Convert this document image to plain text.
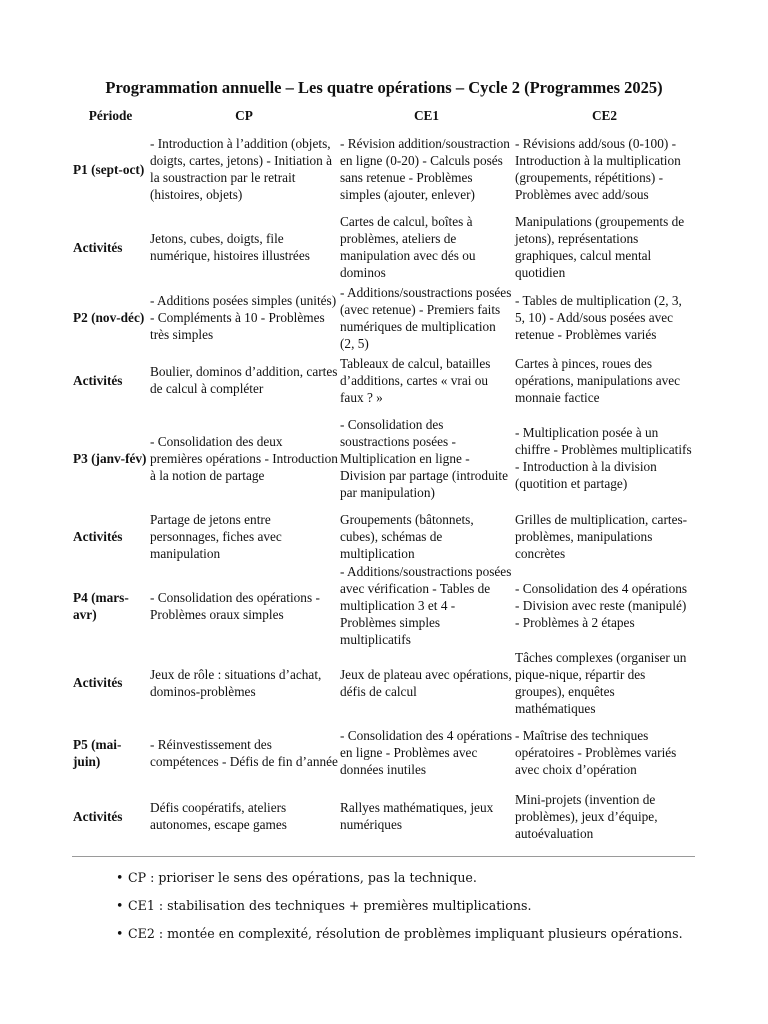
Programmation annuelle – Les quatre opérations – Cycle 2 (Programmes 2025)
Période	CP	CE1	CE2
P1 (sept-oct)	- Introduction à l’addition (objets, doigts, cartes, jetons) - Initiation à la soustraction par le retrait (histoires, objets)	- Révision addition/soustraction en ligne (0-20) - Calculs posés sans retenue - Problèmes simples (ajouter, enlever)	- Révisions add/sous (0-100) - Introduction à la multiplication (groupements, répétitions) - Problèmes avec add/sous
Activités	Jetons, cubes, doigts, file numérique, histoires illustrées	Cartes de calcul, boîtes à problèmes, ateliers de manipulation avec dés ou dominos	Manipulations (groupements de jetons), représentations graphiques, calcul mental quotidien
P2 (nov-déc)	- Additions posées simples (unités) - Compléments à 10 - Problèmes très simples	- Additions/soustractions posées (avec retenue) - Premiers faits numériques de multiplication (2, 5)	- Tables de multiplication (2, 3, 5, 10) - Add/sous posées avec retenue - Problèmes variés
Activités	Boulier, dominos d’addition, cartes de calcul à compléter	Tableaux de calcul, batailles d’additions, cartes « vrai ou faux ? »	Cartes à pinces, roues des opérations, manipulations avec monnaie factice
P3 (janv-fév)	- Consolidation des deux premières opérations - Introduction à la notion de partage	- Consolidation des soustractions posées - Multiplication en ligne - Division par partage (introduite par manipulation)	- Multiplication posée à un chiffre - Problèmes multiplicatifs - Introduction à la division (quotition et partage)
Activités	Partage de jetons entre personnages, fiches avec manipulation	Groupements (bâtonnets, cubes), schémas de multiplication	Grilles de multiplication, cartes-problèmes, manipulations concrètes
P4 (mars-avr)	- Consolidation des opérations - Problèmes oraux simples	- Additions/soustractions posées avec vérification - Tables de multiplication 3 et 4 - Problèmes simples multiplicatifs	- Consolidation des 4 opérations - Division avec reste (manipulé) - Problèmes à 2 étapes
Activités	Jeux de rôle : situations d’achat, dominos-problèmes	Jeux de plateau avec opérations, défis de calcul	Tâches complexes (organiser un pique-nique, répartir des groupes), enquêtes mathématiques
P5 (mai-juin)	- Réinvestissement des compétences - Défis de fin d’année	- Consolidation des 4 opérations en ligne - Problèmes avec données inutiles	- Maîtrise des techniques opératoires - Problèmes variés avec choix d’opération
Activités	Défis coopératifs, ateliers autonomes, escape games	Rallyes mathématiques, jeux numériques	Mini-projets (invention de problèmes), jeux d’équipe, autoévaluation
• CP : prioriser le sens des opérations, pas la technique.
• CE1 : stabilisation des techniques + premières multiplications.
• CE2 : montée en complexité, résolution de problèmes impliquant plusieurs opérations.
